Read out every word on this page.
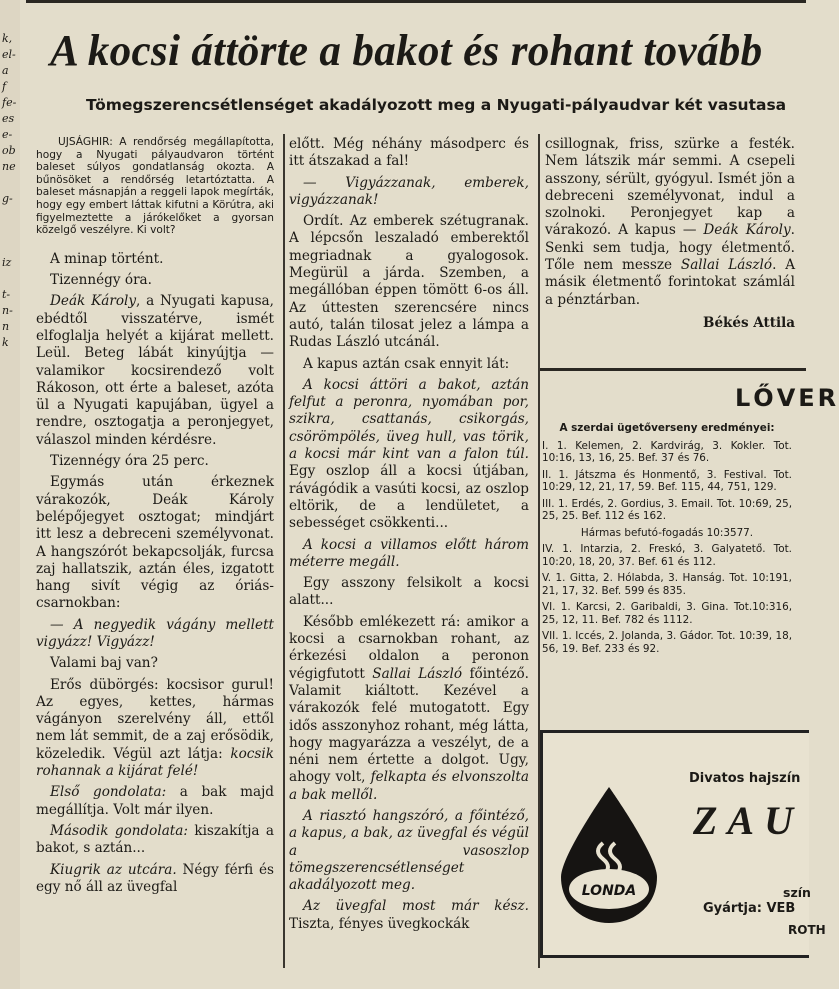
k,
el-
a
f
fe-
es
e-
ob
ne
g-
iz
t-
n-
n
k
A kocsi áttörte a bakot és rohant tovább
Tömegszerencsétlenséget akadályozott meg a Nyugati-pályaudvar két vasutasa

UJSÁGHIR: A rendőrség megállapította, hogy a Nyugati pályaudvaron történt baleset súlyos gondatlanság okozta. A bűnösöket a rendőrség letartóztatta. A baleset másnapján a reggeli lapok megírták, hogy egy embert láttak kifutni a Körútra, aki figyelmeztette a járókelőket a gyorsan közelgő veszélyre. Ki volt?

A minap történt.

Tizennégy óra.

Deák Károly, a Nyugati kapusa, ebédtől visszatérve, ismét elfoglalja helyét a kijárat mellett. Leül. Beteg lábát kinyújtja — valamikor kocsirendező volt Rákoson, ott érte a baleset, azóta ül a Nyugati kapujában, ügyel a rendre, osztogatja a peronjegyet, válaszol minden kérdésre.

Tizennégy óra 25 perc.

Egymás után érkeznek várakozók, Deák Károly belépőjegyet osztogat; mindjárt itt lesz a debreceni személyvonat. A hangszórót bekapcsolják, furcsa zaj hallatszik, aztán éles, izgatott hang sivít végig az óriás-csarnokban:

— A negyedik vágány mellett vigyázz! Vigyázz!

Valami baj van?

Erős dübörgés: kocsisor gurul! Az egyes, kettes, hármas vágányon szerelvény áll, ettől nem lát semmit, de a zaj erősödik, közeledik. Végül azt látja: kocsik rohannak a kijárat felé!

Első gondolata: a bak majd megállítja. Volt már ilyen.

Második gondolata: kiszakítja a bakot, s aztán...

Kiugrik az utcára. Négy férfi és egy nő áll az üvegfal

előtt. Még néhány másodperc és itt átszakad a fal!

— Vigyázzanak, emberek, vigyázzanak!

Ordít. Az emberek szétugranak. A lépcsőn leszaladó emberektől megriadnak a gyalogosok. Megürül a járda. Szemben, a megállóban éppen tömött 6-os áll. Az úttesten szerencsére nincs autó, talán tilosat jelez a lámpa a Rudas László utcánál.

A kapus aztán csak ennyit lát:

A kocsi áttöri a bakot, aztán felfut a peronra, nyomában por, szikra, csattanás, csikorgás, csörömpölés, üveg hull, vas törik, a kocsi már kint van a falon túl. Egy oszlop áll a kocsi útjában, rávágódik a vasúti kocsi, az oszlop eltörik, de a lendületet, a sebességet csökkenti...

A kocsi a villamos előtt három méterre megáll.

Egy asszony felsikolt a kocsi alatt...

Később emlékezett rá: amikor a kocsi a csarnokban rohant, az érkezési oldalon a peronon végigfutott Sallai László főintéző. Valamit kiáltott. Kezével a várakozók felé mutogatott. Egy idős asszonyhoz rohant, még látta, hogy magyarázza a veszélyt, de a néni nem értette a dolgot. Ugy, ahogy volt, felkapta és elvonszolta a bak mellől.

A riasztó hangszóró, a főintéző, a kapus, a bak, az üvegfal és végül a vasoszlop tömegszerencsétlenséget akadályozott meg.

Az üvegfal most már kész. Tiszta, fényes üvegkockák

csillognak, friss, szürke a festék. Nem látszik már semmi. A csepeli asszony, sérült, gyógyul. Ismét jön a debreceni személyvonat, indul a szolnoki. Peronjegyet kap a várakozó. A kapus — Deák Károly. Senki sem tudja, hogy életmentő. Tőle nem messze Sallai László. A másik életmentő forintokat számlál a pénztárban.

Békés Attila
LŐVER
A szerdai ügetőverseny eredményei:
I. 1. Kelemen, 2. Kardvirág, 3. Kokler. Tot. 10:16, 13, 16, 25. Bef. 37 és 76.
II. 1. Játszma és Honmentő, 3. Festival. Tot. 10:29, 12, 21, 17, 59. Bef. 115, 44, 751, 129.
III. 1. Erdés, 2. Gordius, 3. Email. Tot. 10:69, 25, 25, 25. Bef. 112 és 162.
Hármas befutó-fogadás 10:3577.
IV. 1. Intarzia, 2. Freskó, 3. Galyatető. Tot. 10:20, 18, 20, 37. Bef. 61 és 112.
V. 1. Gitta, 2. Hólabda, 3. Hanság. Tot. 10:191, 21, 17, 32. Bef. 599 és 835.
VI. 1. Karcsi, 2. Garibaldi, 3. Gina. Tot.10:316, 25, 12, 11. Bef. 782 és 1112.
VII. 1. Iccés, 2. Jolanda, 3. Gádor. Tot. 10:39, 18, 56, 19. Bef. 233 és 92.
LONDA
Divatos hajszín
ZAU
szín
Gyártja: VEB
ROTH
